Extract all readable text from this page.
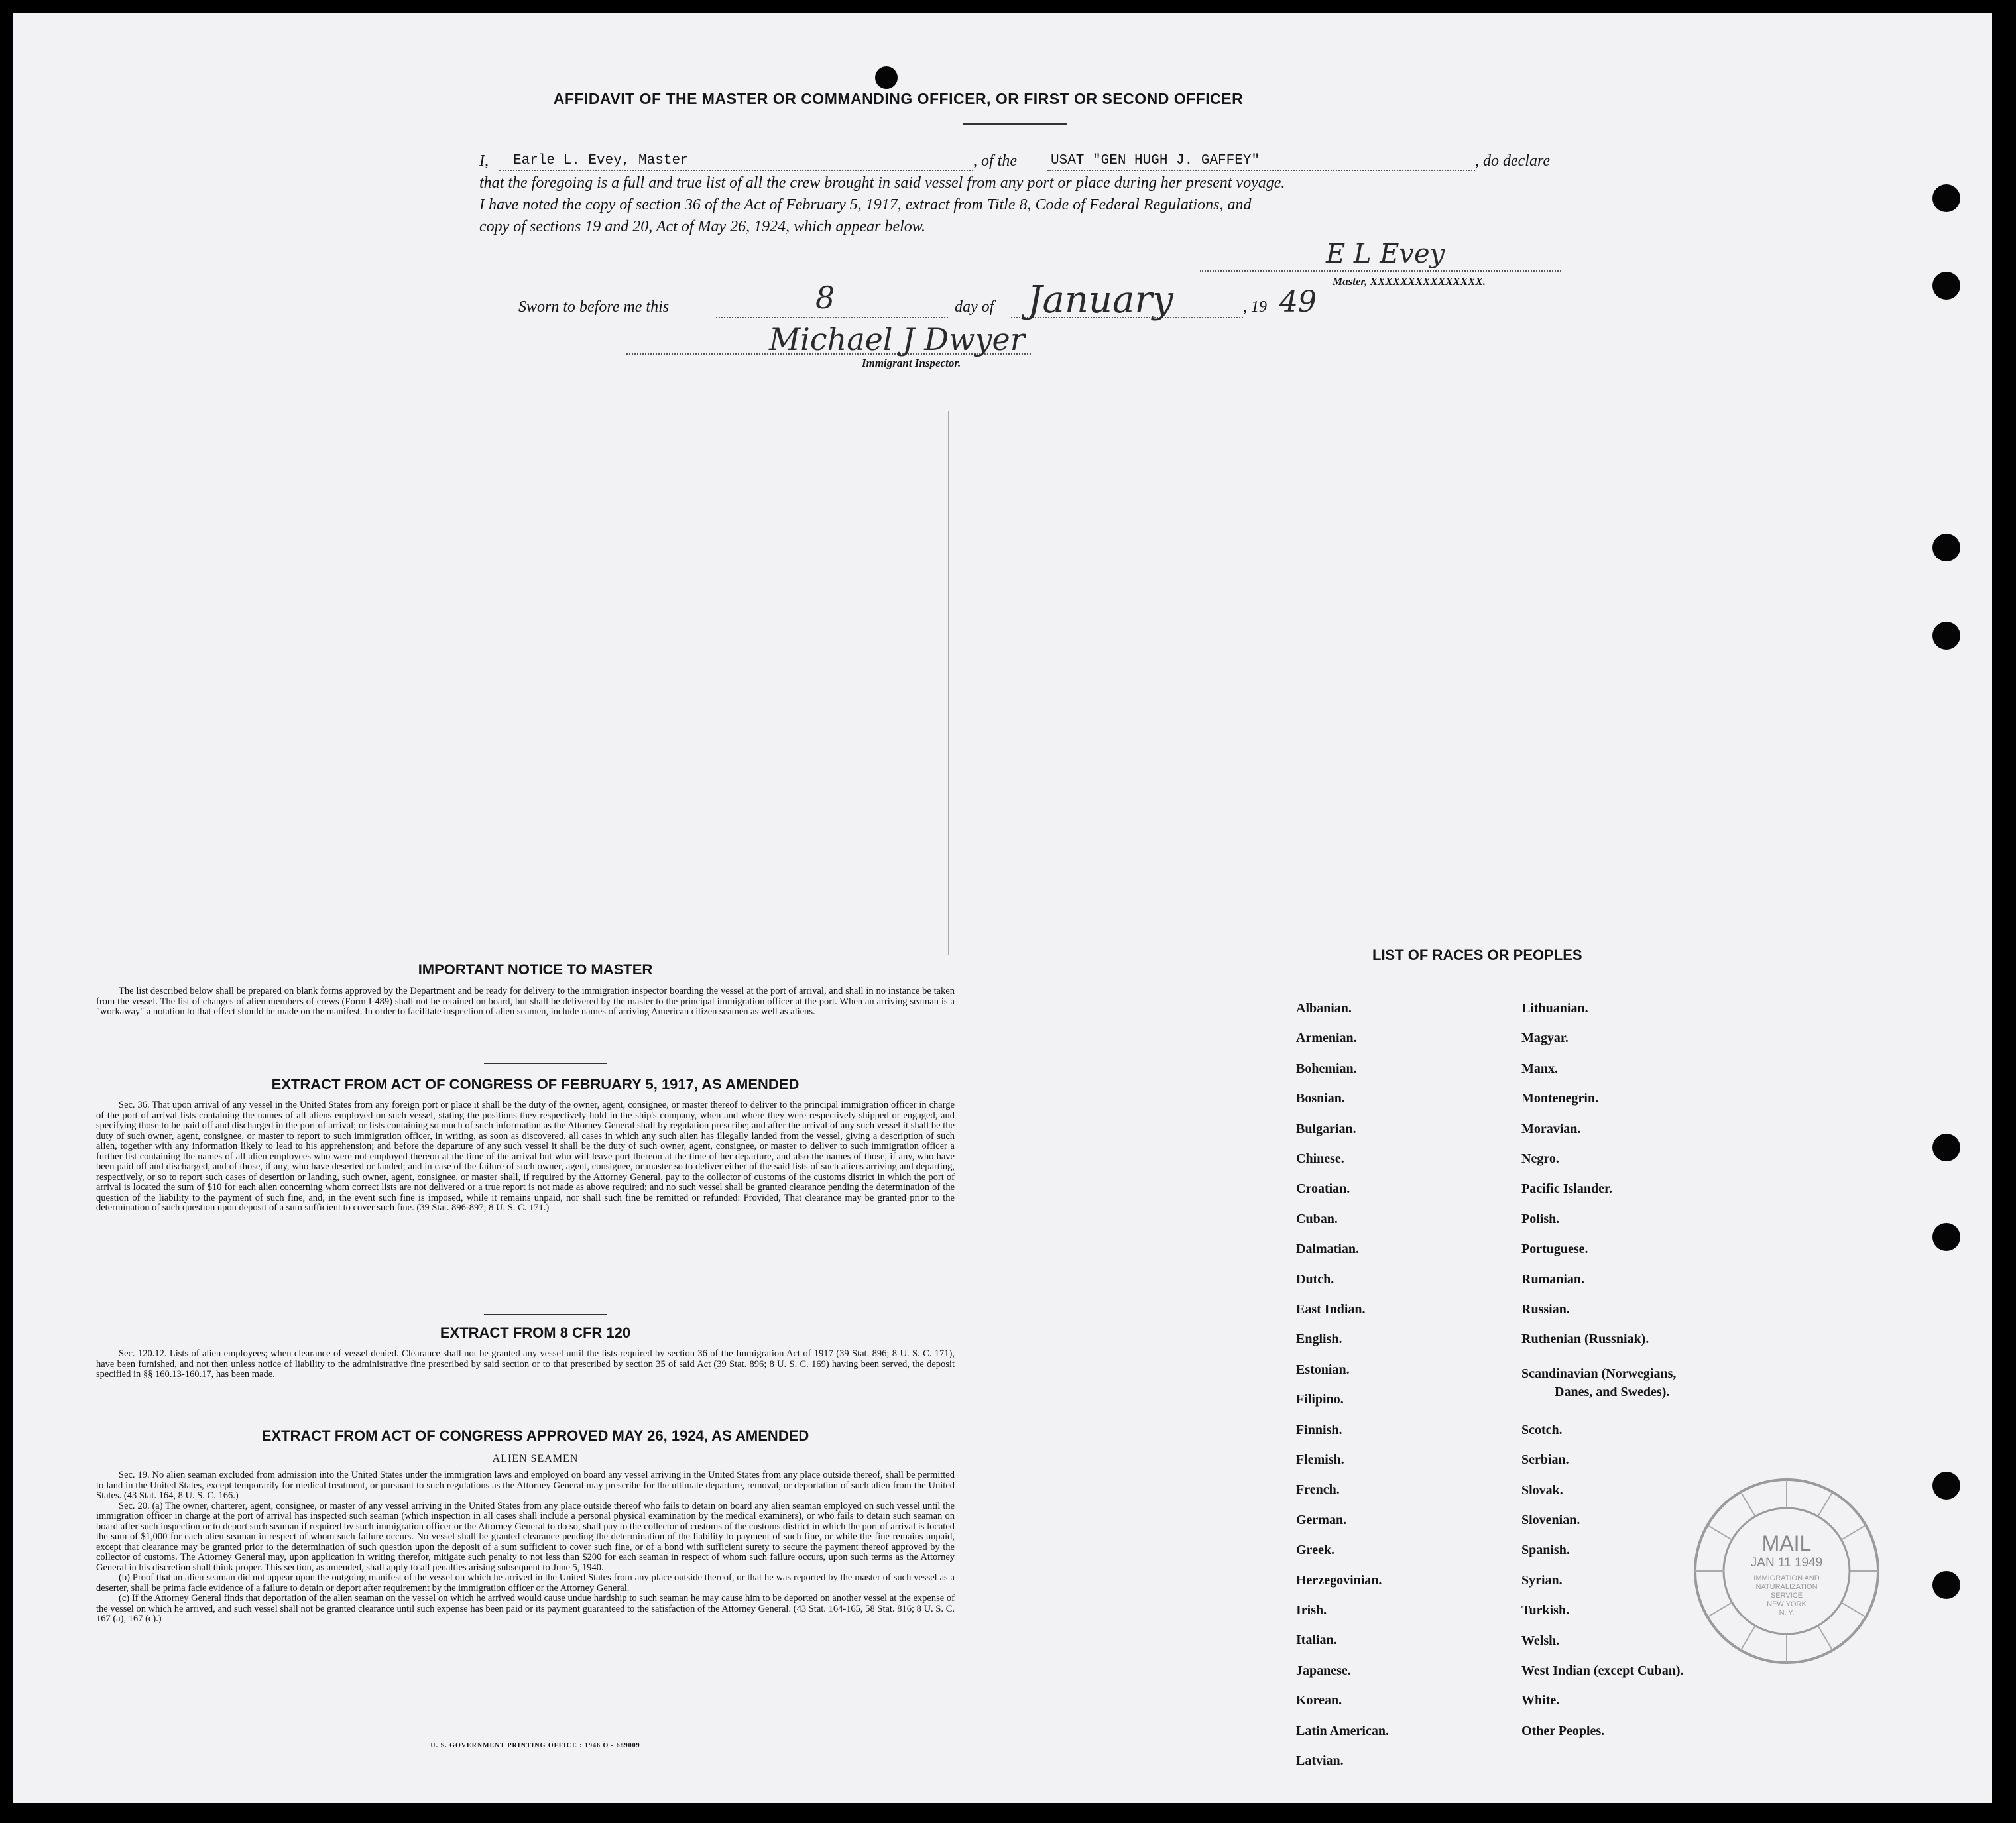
AFFIDAVIT OF THE MASTER OR COMMANDING OFFICER, OR FIRST OR SECOND OFFICER
I, Earle L. Evey, Master	, of the USAT "GEN HUGH J. GAFFEY"	, do declare
that the foregoing is a full and true list of all the crew brought in said vessel from any port or place during her present voyage.
I have noted the copy of section 36 of the Act of February 5, 1917, extract from Title 8, Code of Federal Regulations, and
copy of sections 19 and 20, Act of May 26, 1924, which appear below.
E L Evey
Master, XXXXXXXXXXXXXXX.
Sworn to before me this	8	day of January	, 19 49
Michael J Dwyer
Immigrant Inspector.
IMPORTANT NOTICE TO MASTER

The list described below shall be prepared on blank forms approved by the Department and be ready for delivery to the immigration inspector boarding the vessel at the port of arrival, and shall in no instance be taken from the vessel. The list of changes of alien members of crews (Form I-489) shall not be retained on board, but shall be delivered by the master to the principal immigration officer at the port. When an arriving seaman is a "workaway" a notation to that effect should be made on the manifest. In order to facilitate inspection of alien seamen, include names of arriving American citizen seamen as well as aliens.

EXTRACT FROM ACT OF CONGRESS OF FEBRUARY 5, 1917, AS AMENDED

Sec. 36. That upon arrival of any vessel in the United States from any foreign port or place it shall be the duty of the owner, agent, consignee, or master thereof to deliver to the principal immigration officer in charge of the port of arrival lists containing the names of all aliens employed on such vessel, stating the positions they respectively hold in the ship's company, when and where they were respectively shipped or engaged, and specifying those to be paid off and discharged in the port of arrival; or lists containing so much of such information as the Attorney General shall by regulation prescribe; and after the arrival of any such vessel it shall be the duty of such owner, agent, consignee, or master to report to such immigration officer, in writing, as soon as discovered, all cases in which any such alien has illegally landed from the vessel, giving a description of such alien, together with any information likely to lead to his apprehension; and before the departure of any such vessel it shall be the duty of such owner, agent, consignee, or master to deliver to such immigration officer a further list containing the names of all alien employees who were not employed thereon at the time of the arrival but who will leave port thereon at the time of her departure, and also the names of those, if any, who have been paid off and discharged, and of those, if any, who have deserted or landed; and in case of the failure of such owner, agent, consignee, or master so to deliver either of the said lists of such aliens arriving and departing, respectively, or so to report such cases of desertion or landing, such owner, agent, consignee, or master shall, if required by the Attorney General, pay to the collector of customs of the customs district in which the port of arrival is located the sum of $10 for each alien concerning whom correct lists are not delivered or a true report is not made as above required; and no such vessel shall be granted clearance pending the determination of the question of the liability to the payment of such fine, and, in the event such fine is imposed, while it remains unpaid, nor shall such fine be remitted or refunded: Provided, That clearance may be granted prior to the determination of such question upon deposit of a sum sufficient to cover such fine. (39 Stat. 896-897; 8 U. S. C. 171.)

EXTRACT FROM 8 CFR 120

Sec. 120.12. Lists of alien employees; when clearance of vessel denied. Clearance shall not be granted any vessel until the lists required by section 36 of the Immigration Act of 1917 (39 Stat. 896; 8 U. S. C. 171), have been furnished, and not then unless notice of liability to the administrative fine prescribed by said section or to that prescribed by section 35 of said Act (39 Stat. 896; 8 U. S. C. 169) having been served, the deposit specified in §§ 160.13-160.17, has been made.

EXTRACT FROM ACT OF CONGRESS APPROVED MAY 26, 1924, AS AMENDED
ALIEN SEAMEN

Sec. 19. No alien seaman excluded from admission into the United States under the immigration laws and employed on board any vessel arriving in the United States from any place outside thereof, shall be permitted to land in the United States, except temporarily for medical treatment, or pursuant to such regulations as the Attorney General may prescribe for the ultimate departure, removal, or deportation of such alien from the United States. (43 Stat. 164, 8 U. S. C. 166.)

Sec. 20. (a) The owner, charterer, agent, consignee, or master of any vessel arriving in the United States from any place outside thereof who fails to detain on board any alien seaman employed on such vessel until the immigration officer in charge at the port of arrival has inspected such seaman (which inspection in all cases shall include a personal physical examination by the medical examiners), or who fails to detain such seaman on board after such inspection or to deport such seaman if required by such immigration officer or the Attorney General to do so, shall pay to the collector of customs of the customs district in which the port of arrival is located the sum of $1,000 for each alien seaman in respect of whom such failure occurs. No vessel shall be granted clearance pending the determination of the liability to payment of such fine, or while the fine remains unpaid, except that clearance may be granted prior to the determination of such question upon the deposit of a sum sufficient to cover such fine, or of a bond with sufficient surety to secure the payment thereof approved by the collector of customs. The Attorney General may, upon application in writing therefor, mitigate such penalty to not less than $200 for each seaman in respect of whom such failure occurs, upon such terms as the Attorney General in his discretion shall think proper. This section, as amended, shall apply to all penalties arising subsequent to June 5, 1940.

(b) Proof that an alien seaman did not appear upon the outgoing manifest of the vessel on which he arrived in the United States from any place outside thereof, or that he was reported by the master of such vessel as a deserter, shall be prima facie evidence of a failure to detain or deport after requirement by the immigration officer or the Attorney General.

(c) If the Attorney General finds that deportation of the alien seaman on the vessel on which he arrived would cause undue hardship to such seaman he may cause him to be deported on another vessel at the expense of the vessel on which he arrived, and such vessel shall not be granted clearance until such expense has been paid or its payment guaranteed to the satisfaction of the Attorney General. (43 Stat. 164-165, 58 Stat. 816; 8 U. S. C. 167 (a), 167 (c).)

U. S. GOVERNMENT PRINTING OFFICE : 1946 O - 689009
LIST OF RACES OR PEOPLES
MAIL
JAN 11 1949
IMMIGRATION AND
NATURALIZATION
SERVICE
NEW YORK
N. Y.
Albanian.
Armenian.
Bohemian.
Bosnian.
Bulgarian.
Chinese.
Croatian.
Cuban.
Dalmatian.
Dutch.
East Indian.
English.
Estonian.
Filipino.
Finnish.
Flemish.
French.
German.
Greek.
Herzegovinian.
Irish.
Italian.
Japanese.
Korean.
Latin American.
Latvian.
Lithuanian.
Magyar.
Manx.
Montenegrin.
Moravian.
Negro.
Pacific Islander.
Polish.
Portuguese.
Rumanian.
Russian.
Ruthenian (Russniak).
Scandinavian (Norwegians,
Danes, and Swedes).
Scotch.
Serbian.
Slovak.
Slovenian.
Spanish.
Syrian.
Turkish.
Welsh.
West Indian (except Cuban).
White.
Other Peoples.
